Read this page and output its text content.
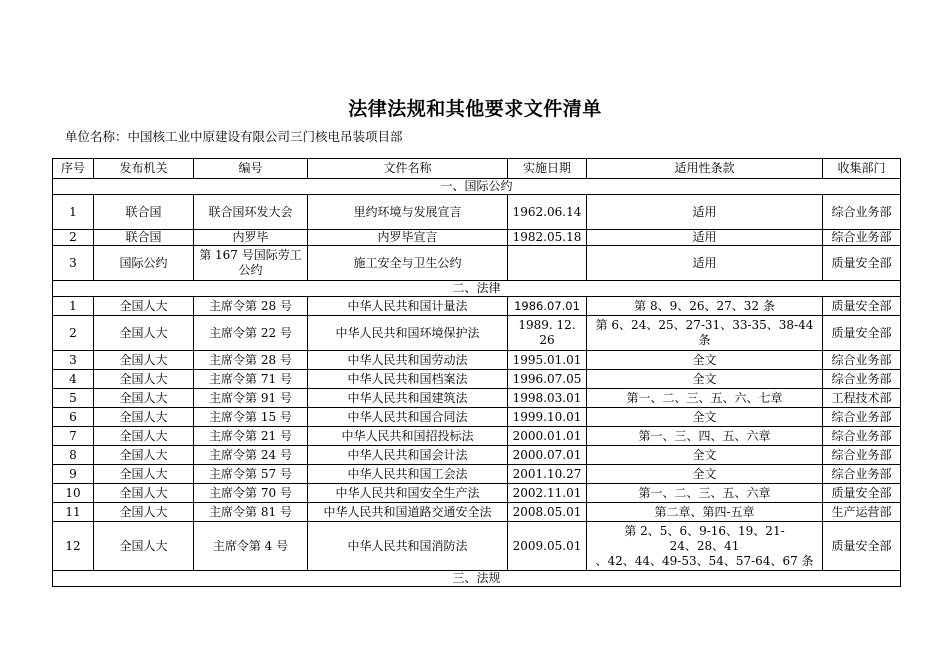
法律法规和其他要求文件清单
单位名称：中国核工业中原建设有限公司三门核电吊装项目部
序号	发布机关	编号	文件名称	实施日期	适用性条款	收集部门
一、国际公约						
1	联合国	联合国环发大会	里约环境与发展宣言	1962.06.14	适用	综合业务部
2	联合国	内罗毕	内罗毕宣言	1982.05.18	适用	综合业务部
3	国际公约	第 167 号国际劳工公约	施工安全与卫生公约		适用	质量安全部
二、法律						
1	全国人大	主席令第 28 号	中华人民共和国计量法	1986.07.01	第 8、9、26、27、32 条	质量安全部
2	全国人大	主席令第 22 号	中华人民共和国环境保护法	1989. 12. 26	第 6、24、25、27-31、33-35、38-44 条	质量安全部
3	全国人大	主席令第 28 号	中华人民共和国劳动法	1995.01.01	全文	综合业务部
4	全国人大	主席令第 71 号	中华人民共和国档案法	1996.07.05	全文	综合业务部
5	全国人大	主席令第 91 号	中华人民共和国建筑法	1998.03.01	第一、二、三、五、六、七章	工程技术部
6	全国人大	主席令第 15 号	中华人民共和国合同法	1999.10.01	全文	综合业务部
7	全国人大	主席令第 21 号	中华人民共和国招投标法	2000.01.01	第一、三、四、五、六章	综合业务部
8	全国人大	主席令第 24 号	中华人民共和国会计法	2000.07.01	全文	综合业务部
9	全国人大	主席令第 57 号	中华人民共和国工会法	2001.10.27	全文	综合业务部
10	全国人大	主席令第 70 号	中华人民共和国安全生产法	2002.11.01	第一、二、三、五、六章	质量安全部
11	全国人大	主席令第 81 号	中华人民共和国道路交通安全法	2008.05.01	第二章、第四-五章	生产运营部
12	全国人大	主席令第 4 号	中华人民共和国消防法	2009.05.01	第 2、5、6、9-16、19、21-
24、28、41
、42、44、49-53、54、57-64、67 条	质量安全部
三、法规						
